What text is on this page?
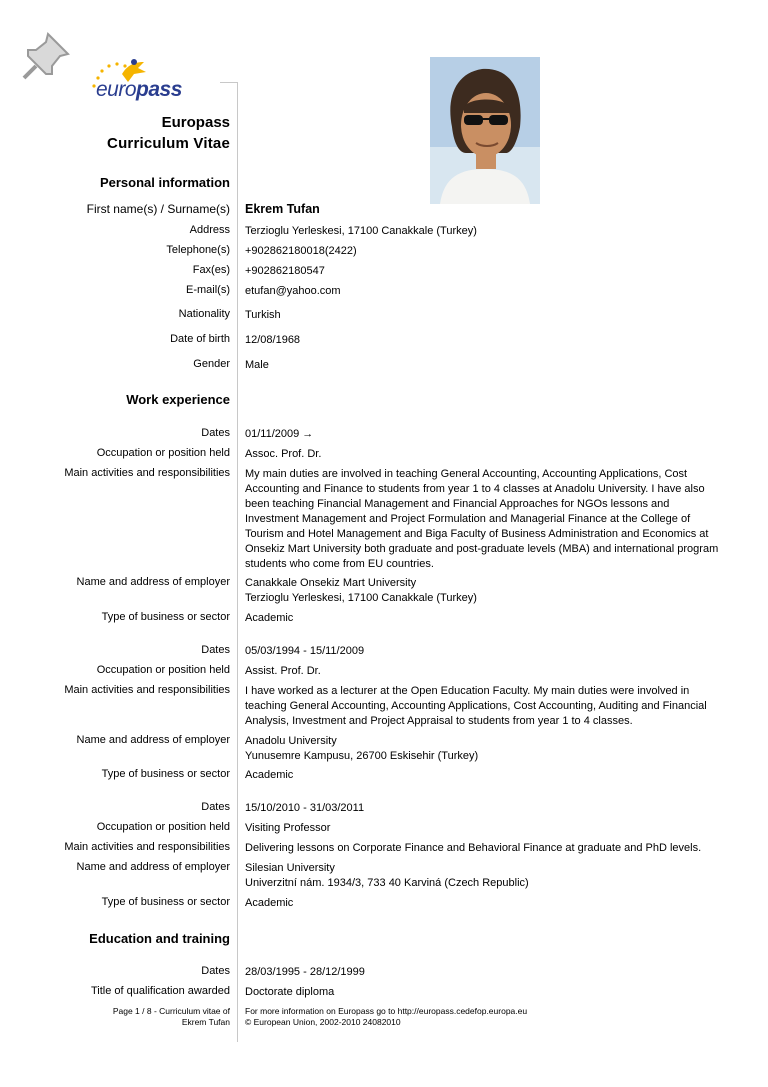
europass
Europass
Curriculum Vitae
Personal information
First name(s) / Surname(s) Ekrem Tufan
Address Terzioglu Yerleskesi, 17100 Canakkale (Turkey)
Telephone(s) +902862180018(2422)
Fax(es) +902862180547
E-mail(s) etufan@yahoo.com
Nationality Turkish
Date of birth 12/08/1968
Gender Male
Work experience
Dates 01/11/2009 →
Occupation or position held Assoc. Prof. Dr.
Main activities and responsibilities My main duties are involved in teaching General Accounting, Accounting Applications, Cost Accounting and Finance to students from year 1 to 4 classes at Anadolu University. I have also been teaching Financial Management and Financial Approaches for NGOs lessons and Investment Management and Project Formulation and Managerial Finance at the College of Tourism and Hotel Management and Biga Faculty of Business Administration and Economics at Onsekiz Mart University both graduate and post-graduate levels (MBA) and international program students who come from EU countries.
Name and address of employer Canakkale Onsekiz Mart University
Terzioglu Yerleskesi, 17100 Canakkale (Turkey)
Type of business or sector Academic
Dates 05/03/1994 - 15/11/2009
Occupation or position held Assist. Prof. Dr.
Main activities and responsibilities I have worked as a lecturer at the Open Education Faculty. My main duties were involved in teaching General Accounting, Accounting Applications, Cost Accounting, Auditing and Financial Analysis, Investment and Project Appraisal to students from year 1 to 4 classes.
Name and address of employer Anadolu University
Yunusemre Kampusu, 26700 Eskisehir (Turkey)
Type of business or sector Academic
Dates 15/10/2010 - 31/03/2011
Occupation or position held Visiting Professor
Main activities and responsibilities Delivering lessons on Corporate Finance and Behavioral Finance at graduate and PhD levels.
Name and address of employer Silesian University
Univerzitní nám. 1934/3, 733 40 Karviná (Czech Republic)
Type of business or sector Academic
Education and training
Dates 28/03/1995 - 28/12/1999
Title of qualification awarded Doctorate diploma
Page 1 / 8 - Curriculum vitae of
Ekrem Tufan
For more information on Europass go to http://europass.cedefop.europa.eu
© European Union, 2002-2010 24082010
